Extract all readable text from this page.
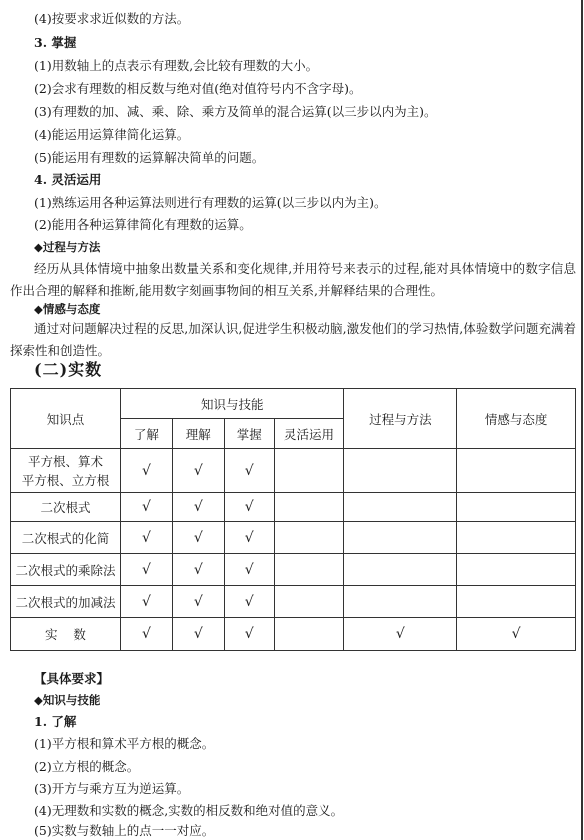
(4)按要求求近似数的方法。
3. 掌握
(1)用数轴上的点表示有理数,会比较有理数的大小。
(2)会求有理数的相反数与绝对值(绝对值符号内不含字母)。
(3)有理数的加、减、乘、除、乘方及简单的混合运算(以三步以内为主)。
(4)能运用运算律简化运算。
(5)能运用有理数的运算解决简单的问题。
4. 灵活运用
(1)熟练运用各种运算法则进行有理数的运算(以三步以内为主)。
(2)能用各种运算律简化有理数的运算。
◆过程与方法
经历从具体情境中抽象出数量关系和变化规律,并用符号来表示的过程,能对具体情境中的数字信息作出合理的解释和推断,能用数字刻画事物间的相互关系,并解释结果的合理性。
◆情感与态度
通过对问题解决过程的反思,加深认识,促进学生积极动脑,激发他们的学习热情,体验数学问题充满着探索性和创造性。
(二)实数
知识点	知识与技能				过程与方法	情感与态度
	了解	理解	掌握	灵活运用		
平方根、算术
平方根、立方根	√	√	√			
二次根式	√	√	√			
二次根式的化简	√	√	√			
二次根式的乘除法	√	√	√			
二次根式的加减法	√	√	√			
实    数	√	√	√		√	√
【具体要求】
◆知识与技能
1. 了解
(1)平方根和算术平方根的概念。
(2)立方根的概念。
(3)开方与乘方互为逆运算。
(4)无理数和实数的概念,实数的相反数和绝对值的意义。
(5)实数与数轴上的点一一对应。
